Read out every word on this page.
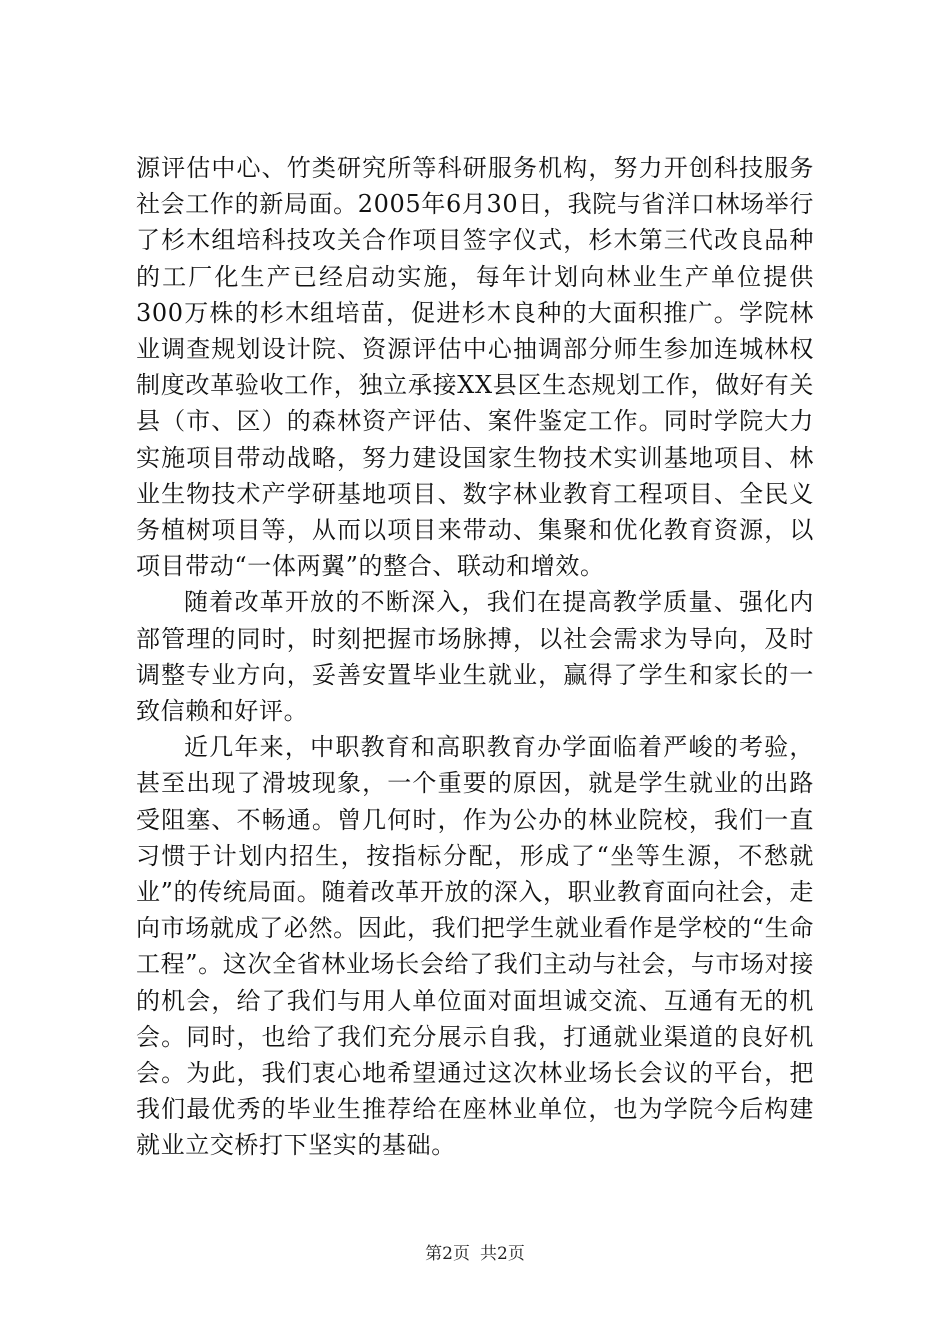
源评估中心、竹类研究所等科研服务机构，努力开创科技服务社会工作的新局面。2005年6月30日，我院与省洋口林场举行了杉木组培科技攻关合作项目签字仪式，杉木第三代改良品种的工厂化生产已经启动实施，每年计划向林业生产单位提供300万株的杉木组培苗，促进杉木良种的大面积推广。学院林业调查规划设计院、资源评估中心抽调部分师生参加连城林权制度改革验收工作，独立承接XX县区生态规划工作，做好有关县（市、区）的森林资产评估、案件鉴定工作。同时学院大力实施项目带动战略，努力建设国家生物技术实训基地项目、林业生物技术产学研基地项目、数字林业教育工程项目、全民义务植树项目等，从而以项目来带动、集聚和优化教育资源，以项目带动“一体两翼”的整合、联动和增效。

随着改革开放的不断深入，我们在提高教学质量、强化内部管理的同时，时刻把握市场脉搏，以社会需求为导向，及时调整专业方向，妥善安置毕业生就业，赢得了学生和家长的一致信赖和好评。

近几年来，中职教育和高职教育办学面临着严峻的考验，甚至出现了滑坡现象，一个重要的原因，就是学生就业的出路受阻塞、不畅通。曾几何时，作为公办的林业院校，我们一直习惯于计划内招生，按指标分配，形成了“坐等生源，不愁就业”的传统局面。随着改革开放的深入，职业教育面向社会，走向市场就成了必然。因此，我们把学生就业看作是学校的“生命工程”。这次全省林业场长会给了我们主动与社会，与市场对接的机会，给了我们与用人单位面对面坦诚交流、互通有无的机会。同时，也给了我们充分展示自我，打通就业渠道的良好机会。为此，我们衷心地希望通过这次林业场长会议的平台，把我们最优秀的毕业生推荐给在座林业单位，也为学院今后构建就业立交桥打下坚实的基础。

第2页 共2页
